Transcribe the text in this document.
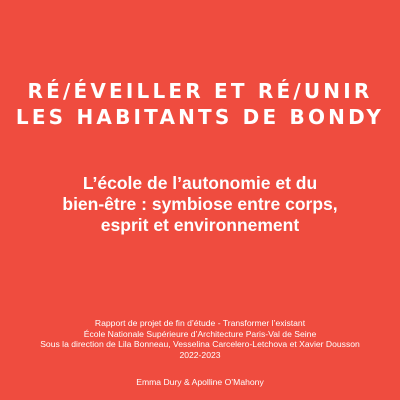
RÉ/ÉVEILLER ET RÉ/UNIR
LES HABITANTS DE BONDY
L’école de l’autonomie et du
bien-être : symbiose entre corps,
esprit et environnement
Rapport de projet de fin d’étude - Transformer l’existant
École Nationale Supérieure d’Architecture Paris-Val de Seine
Sous la direction de Lila Bonneau, Vesselina Carcelero-Letchova et Xavier Dousson
2022-2023
Emma Dury & Apolline O’Mahony
